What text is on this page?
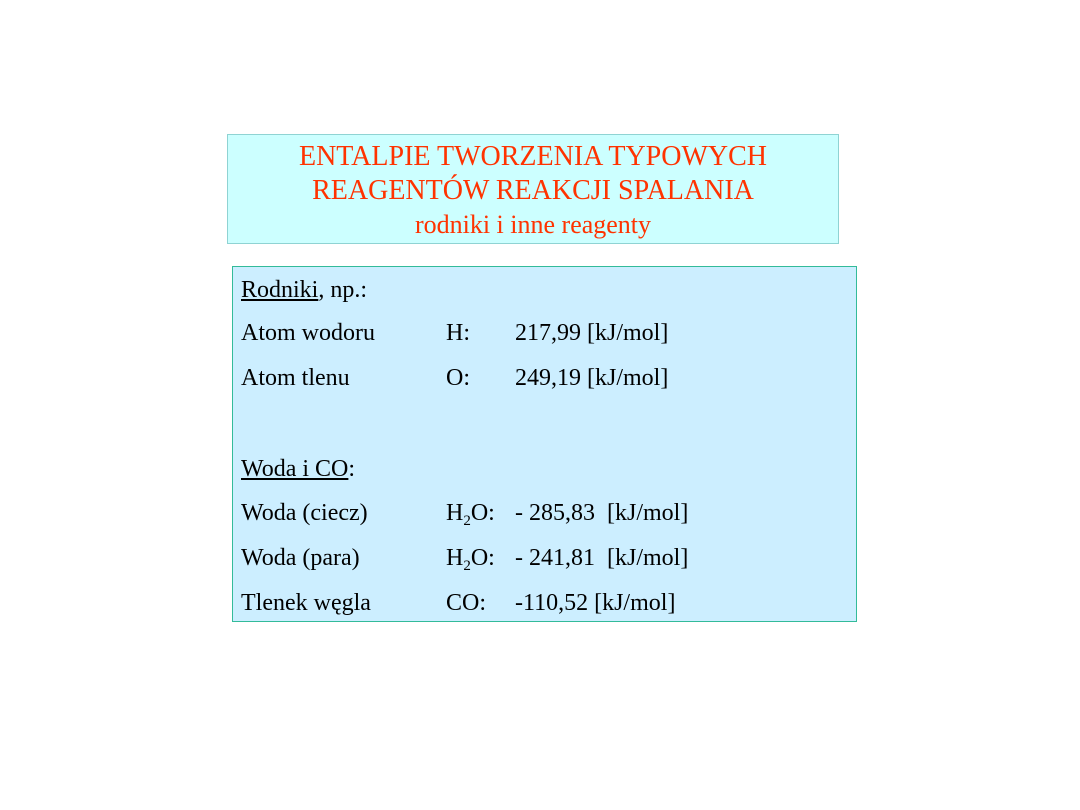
ENTALPIE TWORZENIA TYPOWYCH
REAGENTÓW REAKCJI SPALANIA
rodniki i inne reagenty
Rodniki, np.:
Atom wodoru	H: 217,99 [kJ/mol]
Atom tlenu	O: 249,19 [kJ/mol]
Woda i CO:
Woda (ciecz)	$H_2O$: - 285,83  [kJ/mol]
Woda (para)	$H_2O$: - 241,81  [kJ/mol]
Tlenek węgla	CO: -110,52 [kJ/mol]
